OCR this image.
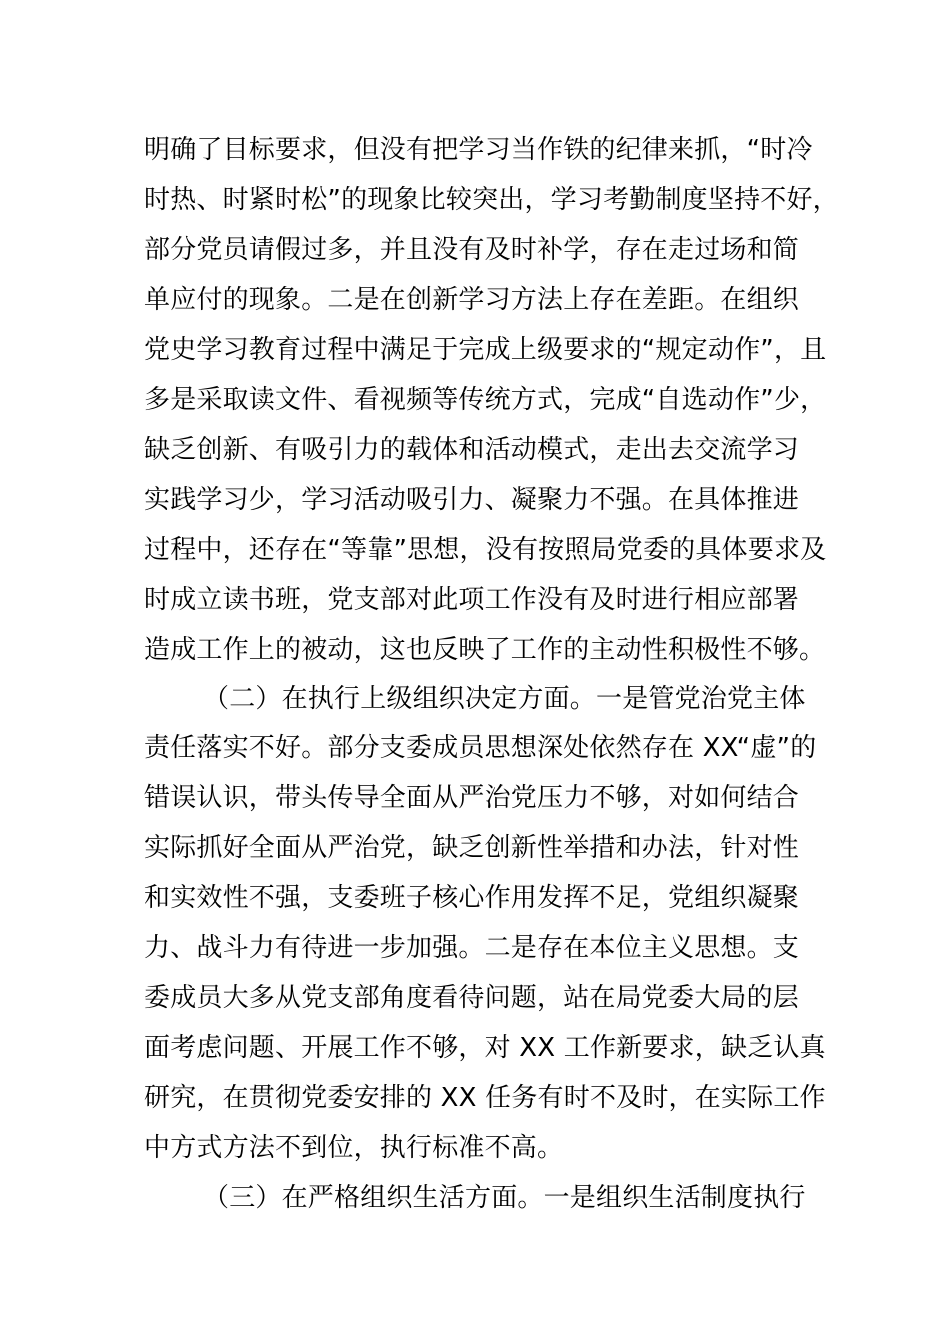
明确了目标要求，但没有把学习当作铁的纪律来抓，“时冷
时热、时紧时松”的现象比较突出，学习考勤制度坚持不好，
部分党员请假过多，并且没有及时补学，存在走过场和简
单应付的现象。二是在创新学习方法上存在差距。在组织
党史学习教育过程中满足于完成上级要求的“规定动作”，且
多是采取读文件、看视频等传统方式，完成“自选动作”少，
缺乏创新、有吸引力的载体和活动模式，走出去交流学习
实践学习少，学习活动吸引力、凝聚力不强。在具体推进
过程中，还存在“等靠”思想，没有按照局党委的具体要求及
时成立读书班，党支部对此项工作没有及时进行相应部署
造成工作上的被动，这也反映了工作的主动性积极性不够。
（二）在执行上级组织决定方面。一是管党治党主体
责任落实不好。部分支委成员思想深处依然存在 XX“虚”的
错误认识，带头传导全面从严治党压力不够，对如何结合
实际抓好全面从严治党，缺乏创新性举措和办法，针对性
和实效性不强，支委班子核心作用发挥不足，党组织凝聚
力、战斗力有待进一步加强。二是存在本位主义思想。支
委成员大多从党支部角度看待问题，站在局党委大局的层
面考虑问题、开展工作不够，对 XX 工作新要求，缺乏认真
研究，在贯彻党委安排的 XX 任务有时不及时，在实际工作
中方式方法不到位，执行标准不高。
（三）在严格组织生活方面。一是组织生活制度执行
